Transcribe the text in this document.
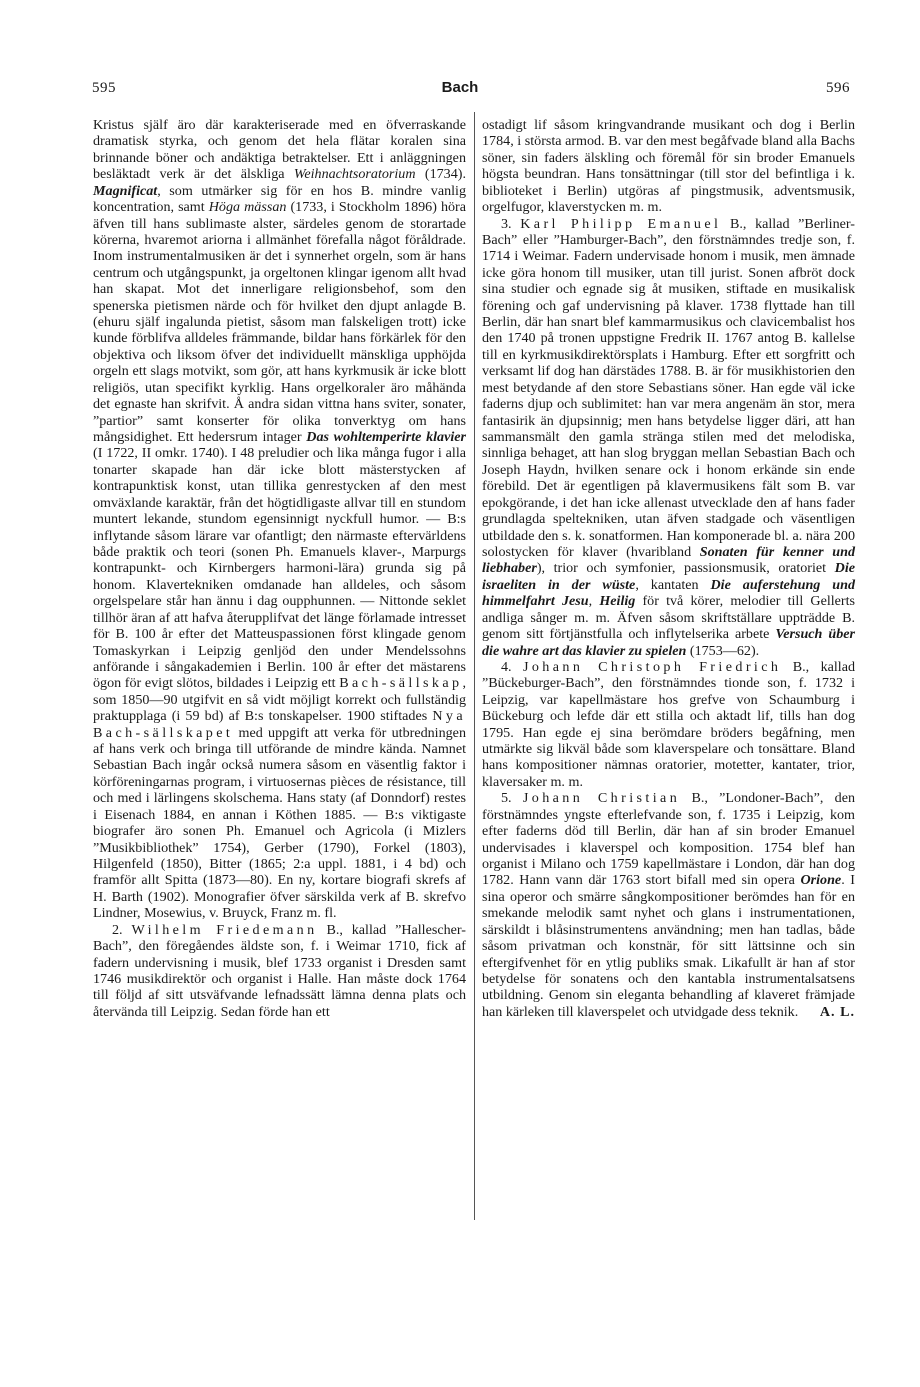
595	Bach	596

Kristus själf äro där karakteriserade med en öfverraskande dramatisk styrka, och genom det hela flätar koralen sina brinnande böner och andäktiga betraktelser. Ett i anläggningen besläktadt verk är det älskliga Weihnachtsoratorium (1734). Magnificat, som utmärker sig för en hos B. mindre vanlig koncentration, samt Höga mässan (1733, i Stockholm 1896) höra äfven till hans sublimaste alster, särdeles genom de storartade körerna, hvaremot ariorna i allmänhet förefalla något föråldrade. Inom instrumentalmusiken är det i synnerhet orgeln, som är hans centrum och utgångspunkt, ja orgeltonen klingar igenom allt hvad han skapat. Mot det innerligare religionsbehof, som den spenerska pietismen närde och för hvilket den djupt anlagde B. (ehuru själf ingalunda pietist, såsom man falskeligen trott) icke kunde förblifva alldeles främmande, bildar hans förkärlek för den objektiva och liksom öfver det individuellt mänskliga upphöjda orgeln ett slags motvikt, som gör, att hans kyrkmusik är icke blott religiös, utan specifikt kyrklig. Hans orgelkoraler äro måhända det egnaste han skrifvit. Å andra sidan vittna hans sviter, sonater, ”partior” samt konserter för olika tonverktyg om hans mångsidighet. Ett hedersrum intager Das wohltemperirte klavier (I 1722, II omkr. 1740). I 48 preludier och lika många fugor i alla tonarter skapade han där icke blott mästerstycken af kontrapunktisk konst, utan tillika genrestycken af den mest omväxlande karaktär, från det högtidligaste allvar till en stundom muntert lekande, stundom egensinnigt nyckfull humor. — B:s inflytande såsom lärare var ofantligt; den närmaste eftervärldens både praktik och teori (sonen Ph. Emanuels klaver-, Marpurgs kontrapunkt- och Kirnbergers harmoni-lära) grunda sig på honom. Klavertekniken omdanade han alldeles, och såsom orgelspelare står han ännu i dag oupphunnen. — Nittonde seklet tillhör äran af att hafva återupplifvat det länge förlamade intresset för B. 100 år efter det Matteuspassionen först klingade genom Tomaskyrkan i Leipzig genljöd den under Mendelssohns anförande i sångakademien i Berlin. 100 år efter det mästarens ögon för evigt slötos, bildades i Leipzig ett Bach-sällskap, som 1850—90 utgifvit en så vidt möjligt korrekt och fullständig praktupplaga (i 59 bd) af B:s tonskapelser. 1900 stiftades Nya Bach-sällskapet med uppgift att verka för utbredningen af hans verk och bringa till utförande de mindre kända. Namnet Sebastian Bach ingår också numera såsom en väsentlig faktor i körföreningarnas program, i virtuosernas pièces de résistance, till och med i lärlingens skolschema. Hans staty (af Donndorf) restes i Eisenach 1884, en annan i Köthen 1885. — B:s viktigaste biografer äro sonen Ph. Emanuel och Agricola (i Mizlers ”Musikbibliothek” 1754), Gerber (1790), Forkel (1803), Hilgenfeld (1850), Bitter (1865; 2:a uppl. 1881, i 4 bd) och framför allt Spitta (1873—80). En ny, kortare biografi skrefs af H. Barth (1902). Monografier öfver särskilda verk af B. skrefvo Lindner, Mosewius, v. Bruyck, Franz m. fl.

2. Wilhelm Friedemann B., kallad ”Hallescher-Bach”, den föregåendes äldste son, f. i Weimar 1710, fick af fadern undervisning i musik, blef 1733 organist i Dresden samt 1746 musikdirektör och organist i Halle. Han måste dock 1764 till följd af sitt utsväfvande lefnadssätt lämna denna plats och återvända till Leipzig. Sedan förde han ett

ostadigt lif såsom kringvandrande musikant och dog i Berlin 1784, i största armod. B. var den mest begåfvade bland alla Bachs söner, sin faders älskling och föremål för sin broder Emanuels högsta beundran. Hans tonsättningar (till stor del befintliga i k. biblioteket i Berlin) utgöras af pingstmusik, adventsmusik, orgelfugor, klaverstycken m. m.

3. Karl Philipp Emanuel B., kallad ”Berliner-Bach” eller ”Hamburger-Bach”, den förstnämndes tredje son, f. 1714 i Weimar. Fadern undervisade honom i musik, men ämnade icke göra honom till musiker, utan till jurist. Sonen afbröt dock sina studier och egnade sig åt musiken, stiftade en musikalisk förening och gaf undervisning på klaver. 1738 flyttade han till Berlin, där han snart blef kammarmusikus och clavicembalist hos den 1740 på tronen uppstigne Fredrik II. 1767 antog B. kallelse till en kyrkmusikdirektörsplats i Hamburg. Efter ett sorgfritt och verksamt lif dog han därstädes 1788. B. är för musikhistorien den mest betydande af den store Sebastians söner. Han egde väl icke faderns djup och sublimitet: han var mera angenäm än stor, mera fantasirik än djupsinnig; men hans betydelse ligger däri, att han sammansmält den gamla stränga stilen med det melodiska, sinnliga behaget, att han slog bryggan mellan Sebastian Bach och Joseph Haydn, hvilken senare ock i honom erkände sin ende förebild. Det är egentligen på klavermusikens fält som B. var epokgörande, i det han icke allenast utvecklade den af hans fader grundlagda speltekniken, utan äfven stadgade och väsentligen utbildade den s. k. sonatformen. Han komponerade bl. a. nära 200 solostycken för klaver (hvaribland Sonaten für kenner und liebhaber), trior och symfonier, passionsmusik, oratoriet Die israeliten in der wüste, kantaten Die auferstehung und himmelfahrt Jesu, Heilig för två körer, melodier till Gellerts andliga sånger m. m. Äfven såsom skriftställare uppträdde B. genom sitt förtjänstfulla och inflytelserika arbete Versuch über die wahre art das klavier zu spielen (1753—62).

4. Johann Christoph Friedrich B., kallad ”Bückeburger-Bach”, den förstnämndes tionde son, f. 1732 i Leipzig, var kapellmästare hos grefve von Schaumburg i Bückeburg och lefde där ett stilla och aktadt lif, tills han dog 1795. Han egde ej sina berömdare bröders begåfning, men utmärkte sig likväl både som klaverspelare och tonsättare. Bland hans kompositioner nämnas oratorier, motetter, kantater, trior, klaversaker m. m.

5. Johann Christian B., ”Londoner-Bach”, den förstnämndes yngste efterlefvande son, f. 1735 i Leipzig, kom efter faderns död till Berlin, där han af sin broder Emanuel undervisades i klaverspel och komposition. 1754 blef han organist i Milano och 1759 kapellmästare i London, där han dog 1782. Hann vann där 1763 stort bifall med sin opera Orione. I sina operor och smärre sångkompositioner berömdes han för en smekande melodik samt nyhet och glans i instrumentationen, särskildt i blåsinstrumentens användning; men han tadlas, både såsom privatman och konstnär, för sitt lättsinne och sin eftergifvenhet för en ytlig publiks smak. Likafullt är han af stor betydelse för sonatens och den kantabla instrumentalsatsens utbildning. Genom sin eleganta behandling af klaveret främjade han kärleken till klaverspelet och utvidgade dess teknik.	A. L.
